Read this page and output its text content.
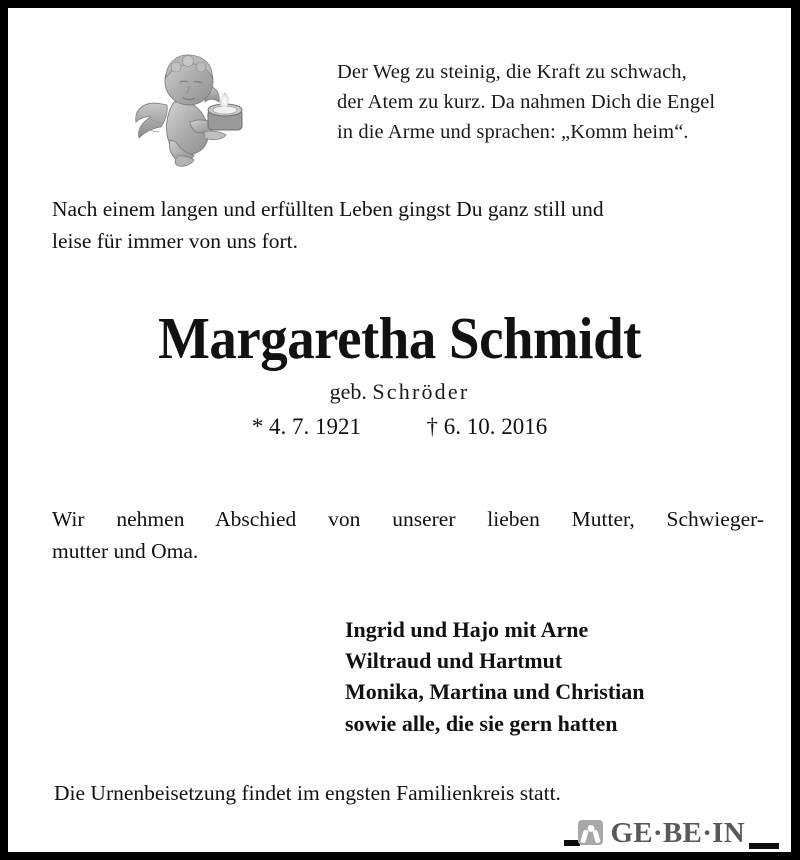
Der Weg zu steinig, die Kraft zu schwach,
der Atem zu kurz. Da nahmen Dich die Engel
in die Arme und sprachen: „Komm heim“.
Nach einem langen und erfüllten Leben gingst Du ganz still und
leise für immer von uns fort.
Margaretha Schmidt
geb. Schröder
* 4. 7. 1921	† 6. 10. 2016
Wir nehmen Abschied von unserer lieben Mutter, Schwieger-
mutter und Oma.
Ingrid und Hajo mit Arne
Wiltraud und Hartmut
Monika, Martina und Christian
sowie alle, die sie gern hatten
Die Urnenbeisetzung findet im engsten Familienkreis statt.
GE·BE·IN
